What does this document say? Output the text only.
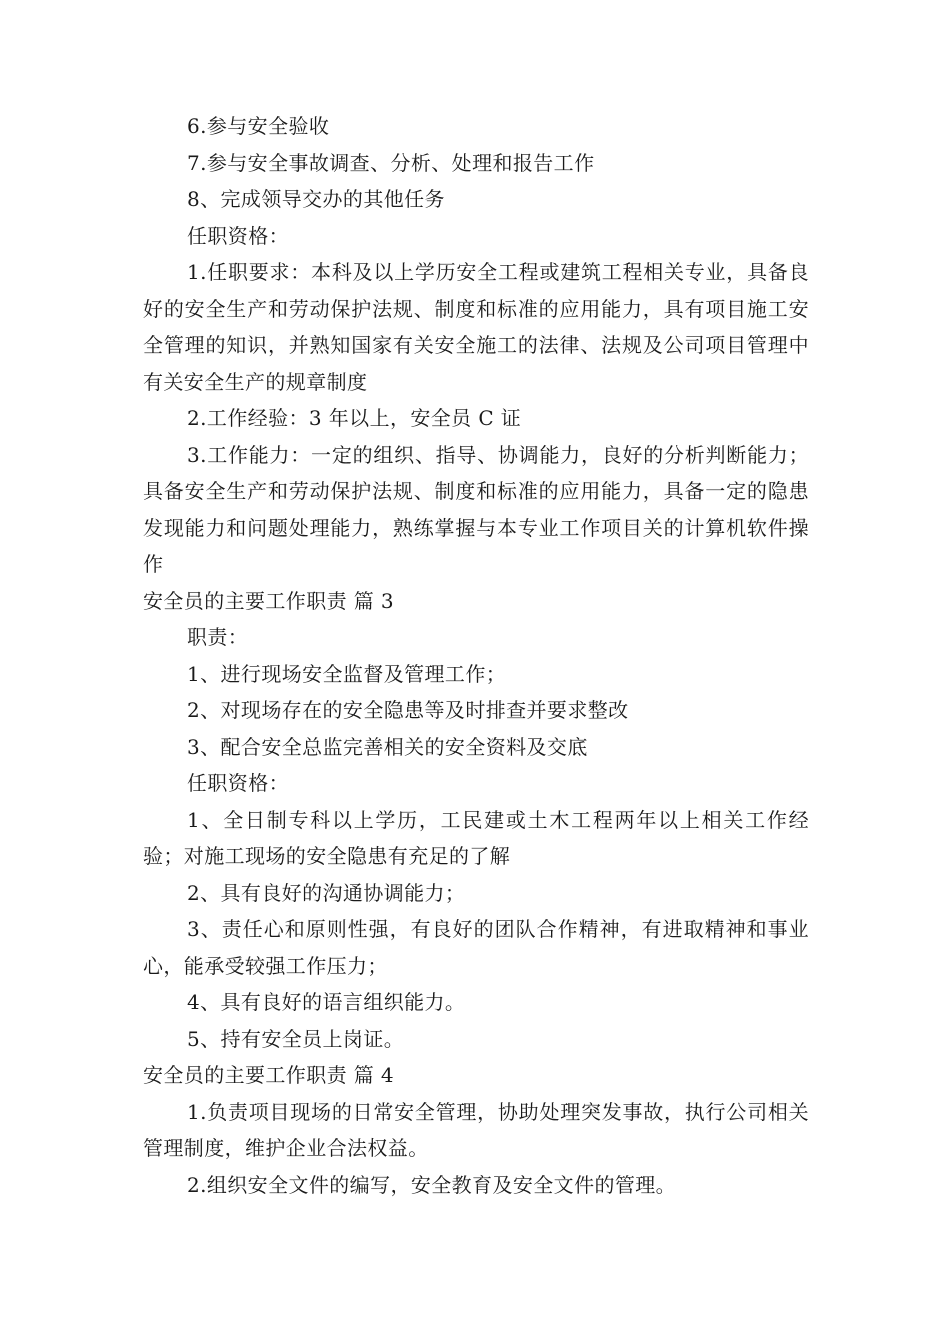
6.参与安全验收

7.参与安全事故调查、分析、处理和报告工作

8、完成领导交办的其他任务

任职资格：

1.任职要求：本科及以上学历安全工程或建筑工程相关专业，具备良好的安全生产和劳动保护法规、制度和标准的应用能力，具有项目施工安全管理的知识，并熟知国家有关安全施工的法律、法规及公司项目管理中有关安全生产的规章制度

2.工作经验：3 年以上，安全员 C 证

3.工作能力：一定的组织、指导、协调能力，良好的分析判断能力；具备安全生产和劳动保护法规、制度和标准的应用能力，具备一定的隐患发现能力和问题处理能力，熟练掌握与本专业工作项目关的计算机软件操作

安全员的主要工作职责 篇 3

职责：

1、进行现场安全监督及管理工作；

2、对现场存在的安全隐患等及时排查并要求整改

3、配合安全总监完善相关的安全资料及交底

任职资格：

1、全日制专科以上学历，工民建或土木工程两年以上相关工作经验；对施工现场的安全隐患有充足的了解

2、具有良好的沟通协调能力；

3、责任心和原则性强，有良好的团队合作精神，有进取精神和事业心，能承受较强工作压力；

4、具有良好的语言组织能力。

5、持有安全员上岗证。

安全员的主要工作职责 篇 4

1.负责项目现场的日常安全管理，协助处理突发事故，执行公司相关管理制度，维护企业合法权益。

2.组织安全文件的编写，安全教育及安全文件的管理。
